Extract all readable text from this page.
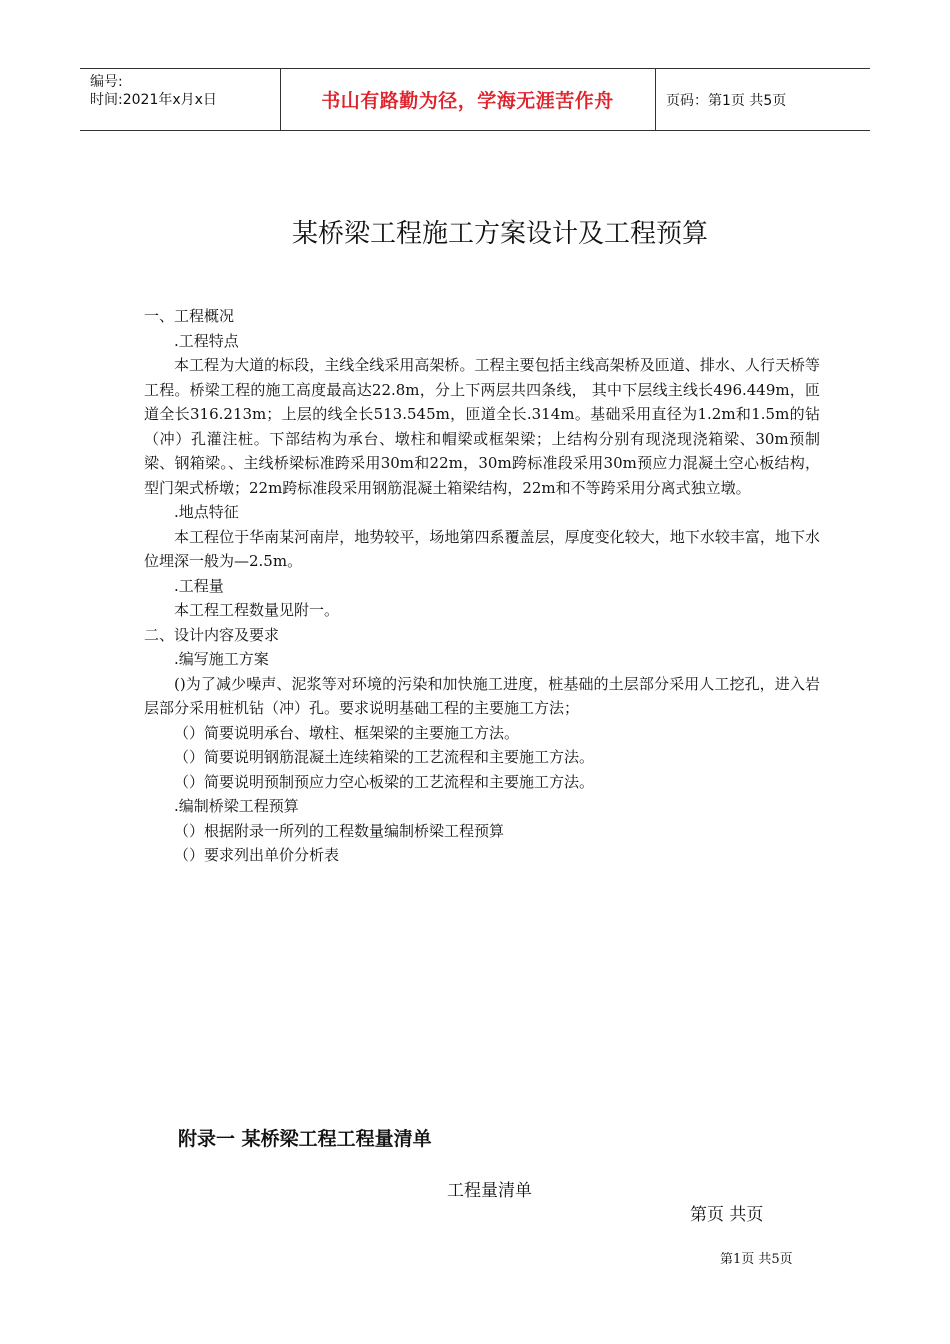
编号:
时间:2021年x月x日	书山有路勤为径，学海无涯苦作舟	页码：第1页 共5页
某桥梁工程施工方案设计及工程预算

一、工程概况

.工程特点

本工程为大道的标段，主线全线采用高架桥。工程主要包括主线高架桥及匝道、排水、人行天桥等工程。桥梁工程的施工高度最高达22.8m，分上下两层共四条线， 其中下层线主线长496.449m，匝道全长316.213m；上层的线全长513.545m，匝道全长.314m。基础采用直径为1.2m和1.5m的钻（冲）孔灌注桩。下部结构为承台、墩柱和帽梁或框架梁；上结构分别有现浇现浇箱梁、30m预制梁、钢箱梁。、主线桥梁标准跨采用30m和22m，30m跨标准段采用30m预应力混凝土空心板结构，型门架式桥墩；22m跨标准段采用钢筋混凝土箱梁结构，22m和不等跨采用分离式独立墩。

.地点特征

本工程位于华南某河南岸，地势较平，场地第四系覆盖层，厚度变化较大，地下水较丰富，地下水位埋深一般为—2.5m。

.工程量

本工程工程数量见附一。

二、设计内容及要求

.编写施工方案

()为了减少噪声、泥浆等对环境的污染和加快施工进度，桩基础的土层部分采用人工挖孔，进入岩层部分采用桩机钻（冲）孔。要求说明基础工程的主要施工方法；

（）简要说明承台、墩柱、框架梁的主要施工方法。

（）简要说明钢筋混凝土连续箱梁的工艺流程和主要施工方法。

（）简要说明预制预应力空心板梁的工艺流程和主要施工方法。

.编制桥梁工程预算

（）根据附录一所列的工程数量编制桥梁工程预算

（）要求列出单价分析表

附录一 某桥梁工程工程量清单
工程量清单
第页 共页
第1页 共5页
